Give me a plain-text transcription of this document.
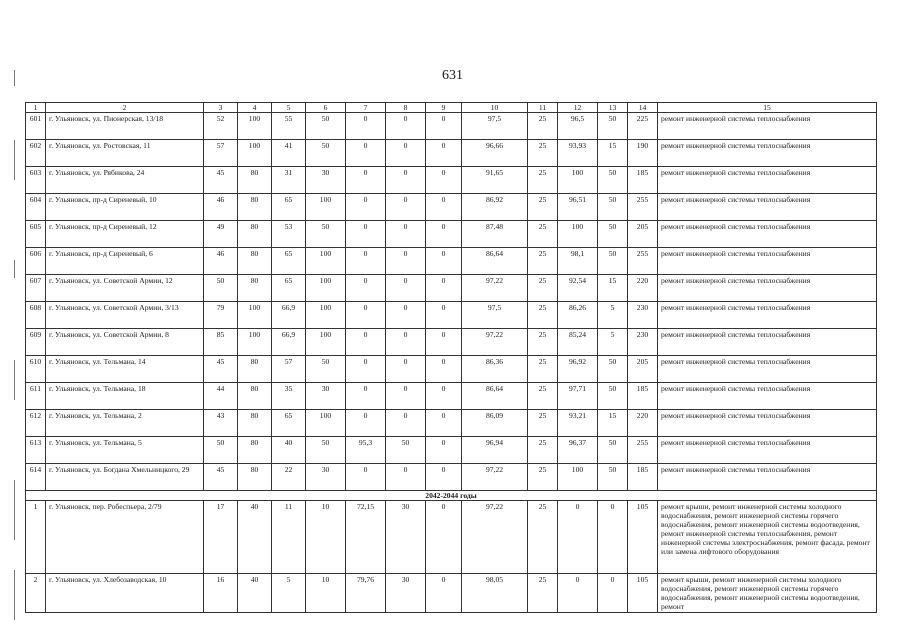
631
1	2	3	4	5	6	7	8	9	10	11	12	13	14	15
601	г. Ульяновск, ул. Пионерская, 13/18	52	100	55	50	0	0	0	97,5	25	96,5	50	225	ремонт инженерной системы теплоснабжения
602	г. Ульяновск, ул. Ростовская, 11	57	100	41	50	0	0	0	96,66	25	93,93	15	190	ремонт инженерной системы теплоснабжения
603	г. Ульяновск, ул. Рябикова, 24	45	80	31	30	0	0	0	91,65	25	100	50	185	ремонт инженерной системы теплоснабжения
604	г. Ульяновск, пр-д Сиреневый, 10	46	80	65	100	0	0	0	86,92	25	96,51	50	255	ремонт инженерной системы теплоснабжения
605	г. Ульяновск, пр-д Сиреневый, 12	49	80	53	50	0	0	0	87,48	25	100	50	205	ремонт инженерной системы теплоснабжения
606	г. Ульяновск, пр-д Сиреневый, 6	46	80	65	100	0	0	0	86,64	25	98,1	50	255	ремонт инженерной системы теплоснабжения
607	г. Ульяновск, ул. Советской Армии, 12	50	80	65	100	0	0	0	97,22	25	92,54	15	220	ремонт инженерной системы теплоснабжения
608	г. Ульяновск, ул. Советской Армии, 3/13	79	100	66,9	100	0	0	0	97,5	25	86,26	5	230	ремонт инженерной системы теплоснабжения
609	г. Ульяновск, ул. Советской Армии, 8	85	100	66,9	100	0	0	0	97,22	25	85,24	5	230	ремонт инженерной системы теплоснабжения
610	г. Ульяновск, ул. Тельмана, 14	45	80	57	50	0	0	0	86,36	25	96,92	50	205	ремонт инженерной системы теплоснабжения
611	г. Ульяновск, ул. Тельмана, 18	44	80	35	30	0	0	0	86,64	25	97,71	50	185	ремонт инженерной системы теплоснабжения
612	г. Ульяновск, ул. Тельмана, 2	43	80	65	100	0	0	0	86,09	25	93,21	15	220	ремонт инженерной системы теплоснабжения
613	г. Ульяновск, ул. Тельмана, 5	50	80	40	50	95,3	50	0	96,94	25	96,37	50	255	ремонт инженерной системы теплоснабжения
614	г. Ульяновск, ул. Богдана Хмельницкого, 29	45	80	22	30	0	0	0	97,22	25	100	50	185	ремонт инженерной системы теплоснабжения
2042-2044 годы														
1	г. Ульяновск, пер. Робеспьера, 2/79	17	40	11	10	72,15	30	0	97,22	25	0	0	105	ремонт крыши, ремонт инженерной системы холодного водоснабжения, ремонт инженерной системы горячего водоснабжения, ремонт инженерной системы водоотведения, ремонт инженерной системы теплоснабжения, ремонт инженерной системы электроснабжения, ремонт фасада, ремонт или замена лифтового оборудования
2	г. Ульяновск, ул. Хлебозаводская, 10	16	40	5	10	79,76	30	0	98,05	25	0	0	105	ремонт крыши, ремонт инженерной системы холодного водоснабжения, ремонт инженерной системы горячего водоснабжения, ремонт инженерной системы водоотведения, ремонт
